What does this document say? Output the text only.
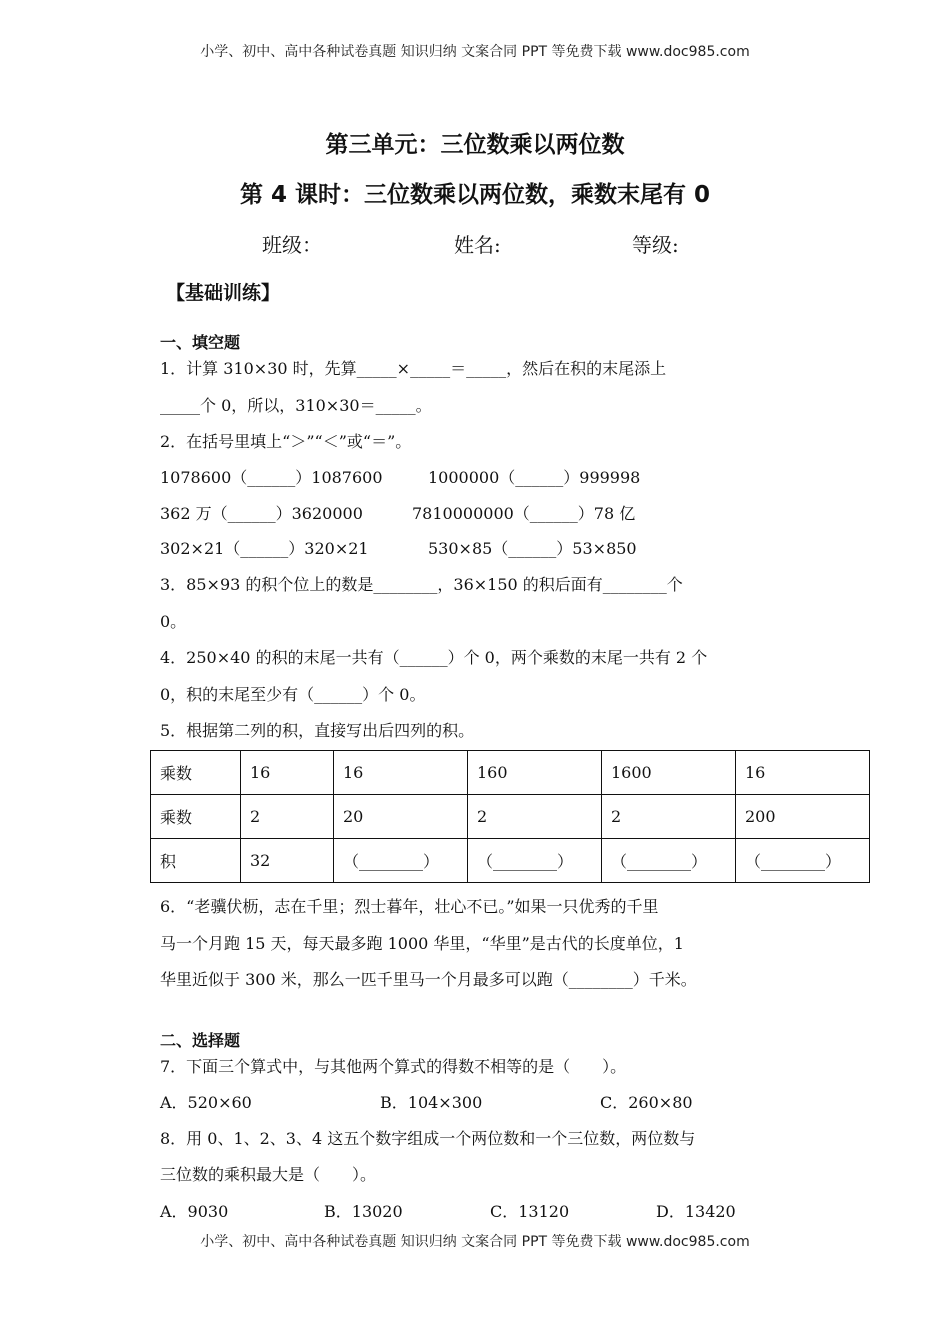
小学、初中、高中各种试卷真题 知识归纳 文案合同 PPT 等免费下载 www.doc985.com
第三单元：三位数乘以两位数
第 4 课时：三位数乘以两位数，乘数末尾有 0
班级：	姓名:	等级:
【基础训练】
一、填空题
1．计算 310×30 时，先算_____×_____＝_____，然后在积的末尾添上
_____个 0，所以，310×30＝_____。
2．在括号里填上“＞”“＜”或“＝”。
1078600（______）1087600	1000000（______）999998
362 万（______）3620000	7810000000（______）78 亿
302×21（______）320×21	530×85（______）53×850
3．85×93 的积个位上的数是________，36×150 的积后面有________个
0。
4．250×40 的积的末尾一共有（______）个 0，两个乘数的末尾一共有 2 个
0，积的末尾至少有（______）个 0。
5．根据第二列的积，直接写出后四列的积。
乘数	16	16	160	1600	16
乘数	2	20	2	2	200
积	32	（________）	（________）	（________）	（________）
6．“老骥伏枥，志在千里；烈士暮年，壮心不已。”如果一只优秀的千里
马一个月跑 15 天，每天最多跑 1000 华里，“华里”是古代的长度单位，1
华里近似于 300 米，那么一匹千里马一个月最多可以跑（________）千米。
二、选择题
7．下面三个算式中，与其他两个算式的得数不相等的是（　　）。
A．520×60	B．104×300	C．260×80
8．用 0、1、2、3、4 这五个数字组成一个两位数和一个三位数，两位数与
三位数的乘积最大是（　　）。
A．9030	B．13020	C．13120	D．13420
小学、初中、高中各种试卷真题 知识归纳 文案合同 PPT 等免费下载 www.doc985.com
